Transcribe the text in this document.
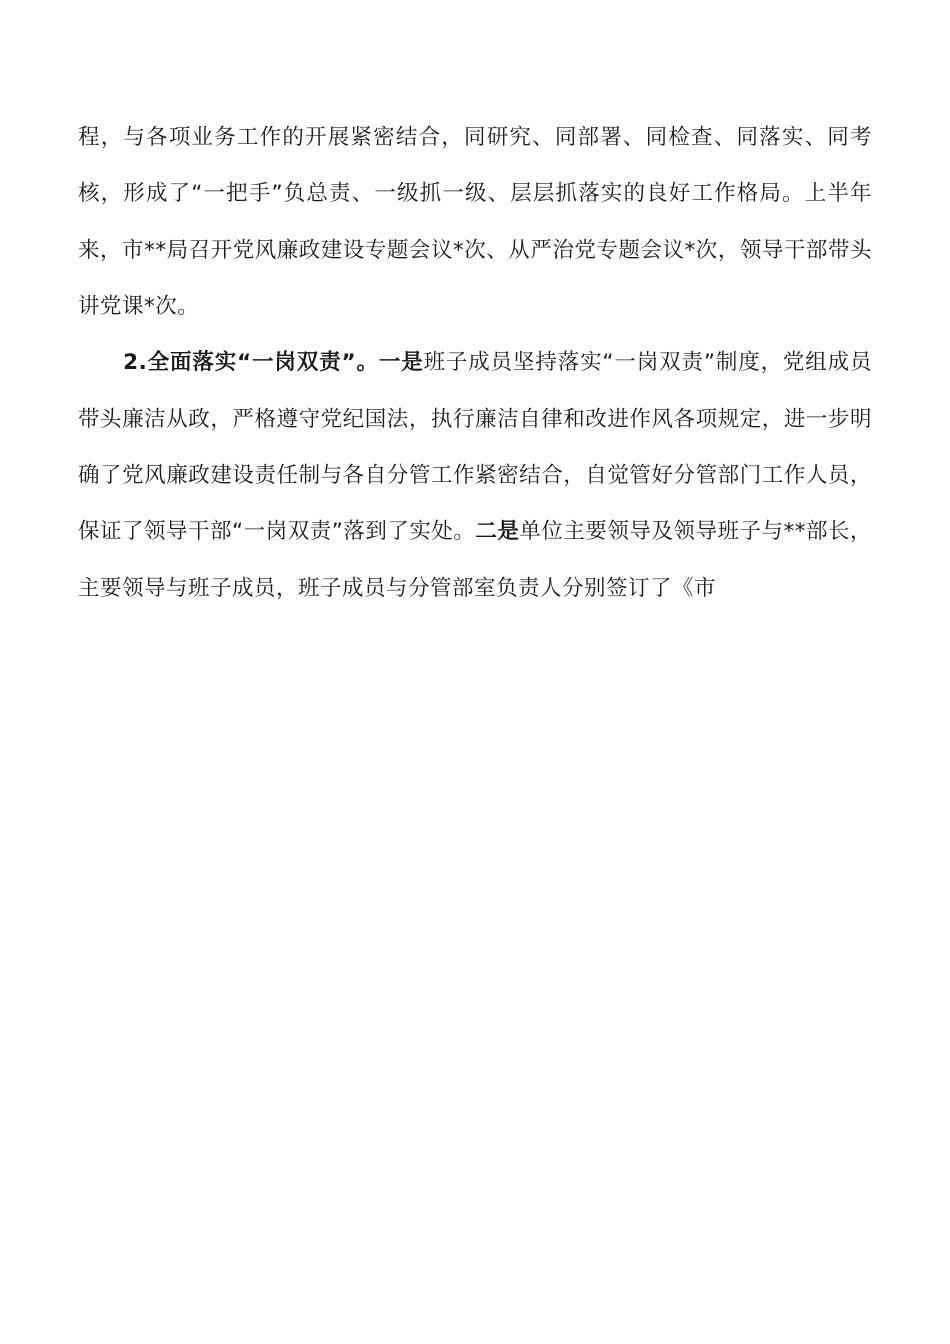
程，与各项业务工作的开展紧密结合，同研究、同部署、同检查、同落实、同考核，形成了“一把手”负总责、一级抓一级、层层抓落实的良好工作格局。上半年来，市**局召开党风廉政建设专题会议*次、从严治党专题会议*次，领导干部带头讲党课*次。

2.全面落实“一岗双责”。一是班子成员坚持落实“一岗双责”制度，党组成员带头廉洁从政，严格遵守党纪国法，执行廉洁自律和改进作风各项规定，进一步明确了党风廉政建设责任制与各自分管工作紧密结合，自觉管好分管部门工作人员，保证了领导干部“一岗双责”落到了实处。二是单位主要领导及领导班子与**部长，主要领导与班子成员，班子成员与分管部室负责人分别签订了《市
